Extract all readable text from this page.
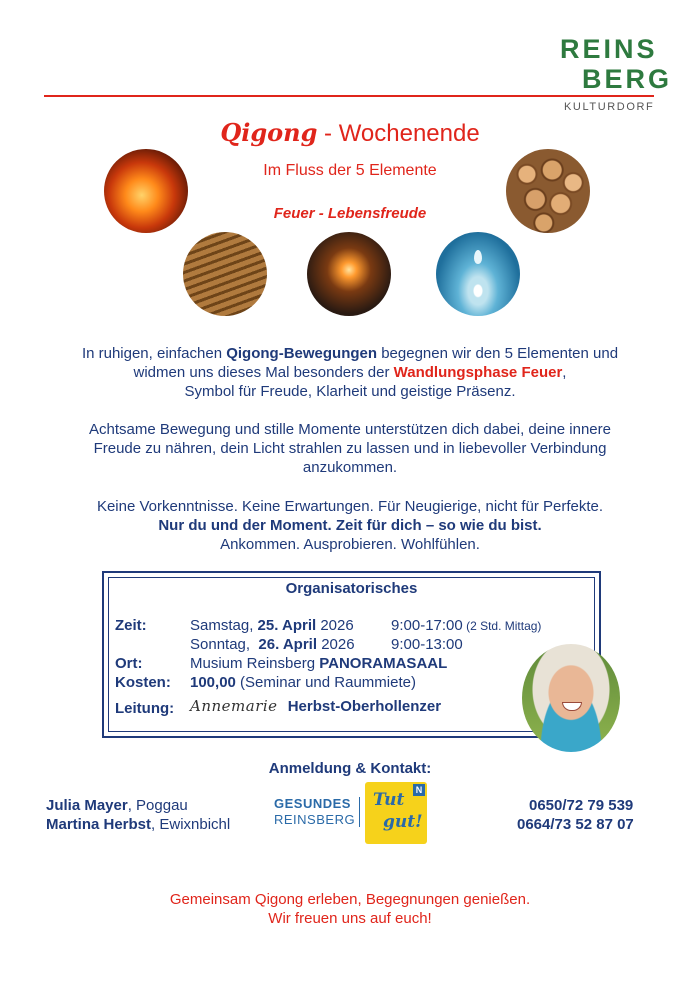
REINS
BERG
KULTURDORF
Qigong - Wochenende
Im Fluss der 5 Elemente
Feuer - Lebensfreude
In ruhigen, einfachen Qigong-Bewegungen begegnen wir den 5 Elementen und
widmen uns dieses Mal besonders der Wandlungsphase Feuer,
Symbol für Freude, Klarheit und geistige Präsenz.
Achtsame Bewegung und stille Momente unterstützen dich dabei, deine innere
Freude zu nähren, dein Licht strahlen zu lassen und in liebevoller Verbindung
anzukommen.
Keine Vorkenntnisse. Keine Erwartungen. Für Neugierige, nicht für Perfekte.
Nur du und der Moment. Zeit für dich – so wie du bist.
Ankommen. Ausprobieren. Wohlfühlen.
Organisatorisches
Zeit:	Samstag, 25. April 2026 9:00-17:00 (2 Std. Mittag)
Sonntag,  26. April 2026 9:00-13:00
Ort:	Musium Reinsberg PANORAMASAAL
Kosten: 100,00 (Seminar und Raummiete)
Leitung: Annemarie Herbst-Oberhollenzer
Anmeldung & Kontakt:
Julia Mayer, Poggau
Martina Herbst, Ewixnbichl
0650/72 79 539
0664/73 52 87 07
GESUNDES
REINSBERG
N
Tut
gut!
Gemeinsam Qigong erleben, Begegnungen genießen.
Wir freuen uns auf euch!
